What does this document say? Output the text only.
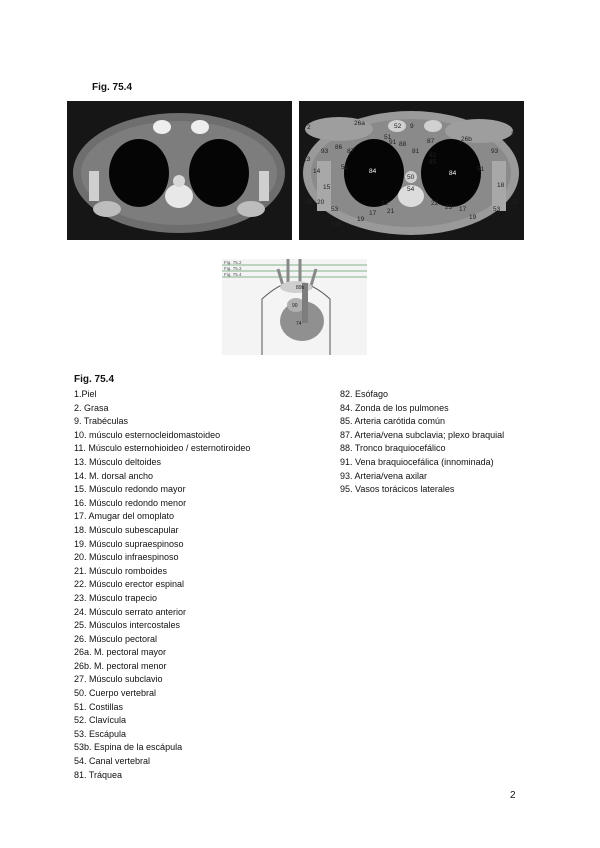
Fig. 75.4
2	9
26a	52
51	26b
2
88	87
81
82
91
85
13
93
86
87	93
14
51
84
50
84
51
15	54
18
16 20
53
53b
19
17
22
21
22
23 17
19
20
53
Fig. 75.2
Fig. 75.3
Fig. 75.4
89b
90
74
Fig. 75.4
1.Piel
2. Grasa
9. Trabéculas
10. músculo esternocleidomastoideo
11. Músculo esternohioideo / esternotiroideo
13. Músculo deltoides
14. M. dorsal ancho
15. Músculo redondo mayor
16. Músculo redondo menor
17. Amugar del omoplato
18. Músculo subescapular
19. Músculo supraespinoso
20. Músculo infraespinoso
21. Músculo romboides
22. Músculo erector espinal
23. Músculo trapecio
24. Músculo serrato anterior
25. Músculos intercostales
26. Músculo pectoral
26a. M. pectoral mayor
26b. M. pectoral menor
27. Músculo subclavio
50. Cuerpo vertebral
51. Costillas
52. Clavícula
53. Escápula
53b. Espina de la escápula
54. Canal vertebral
81. Tráquea
82. Esófago
84. Zonda de los pulmones
85. Arteria carótida común
87. Arteria/vena subclavia; plexo braquial
88. Tronco braquiocefálico
91. Vena braquiocefálica (innominada)
93. Arteria/vena axilar
95. Vasos torácicos laterales
2
